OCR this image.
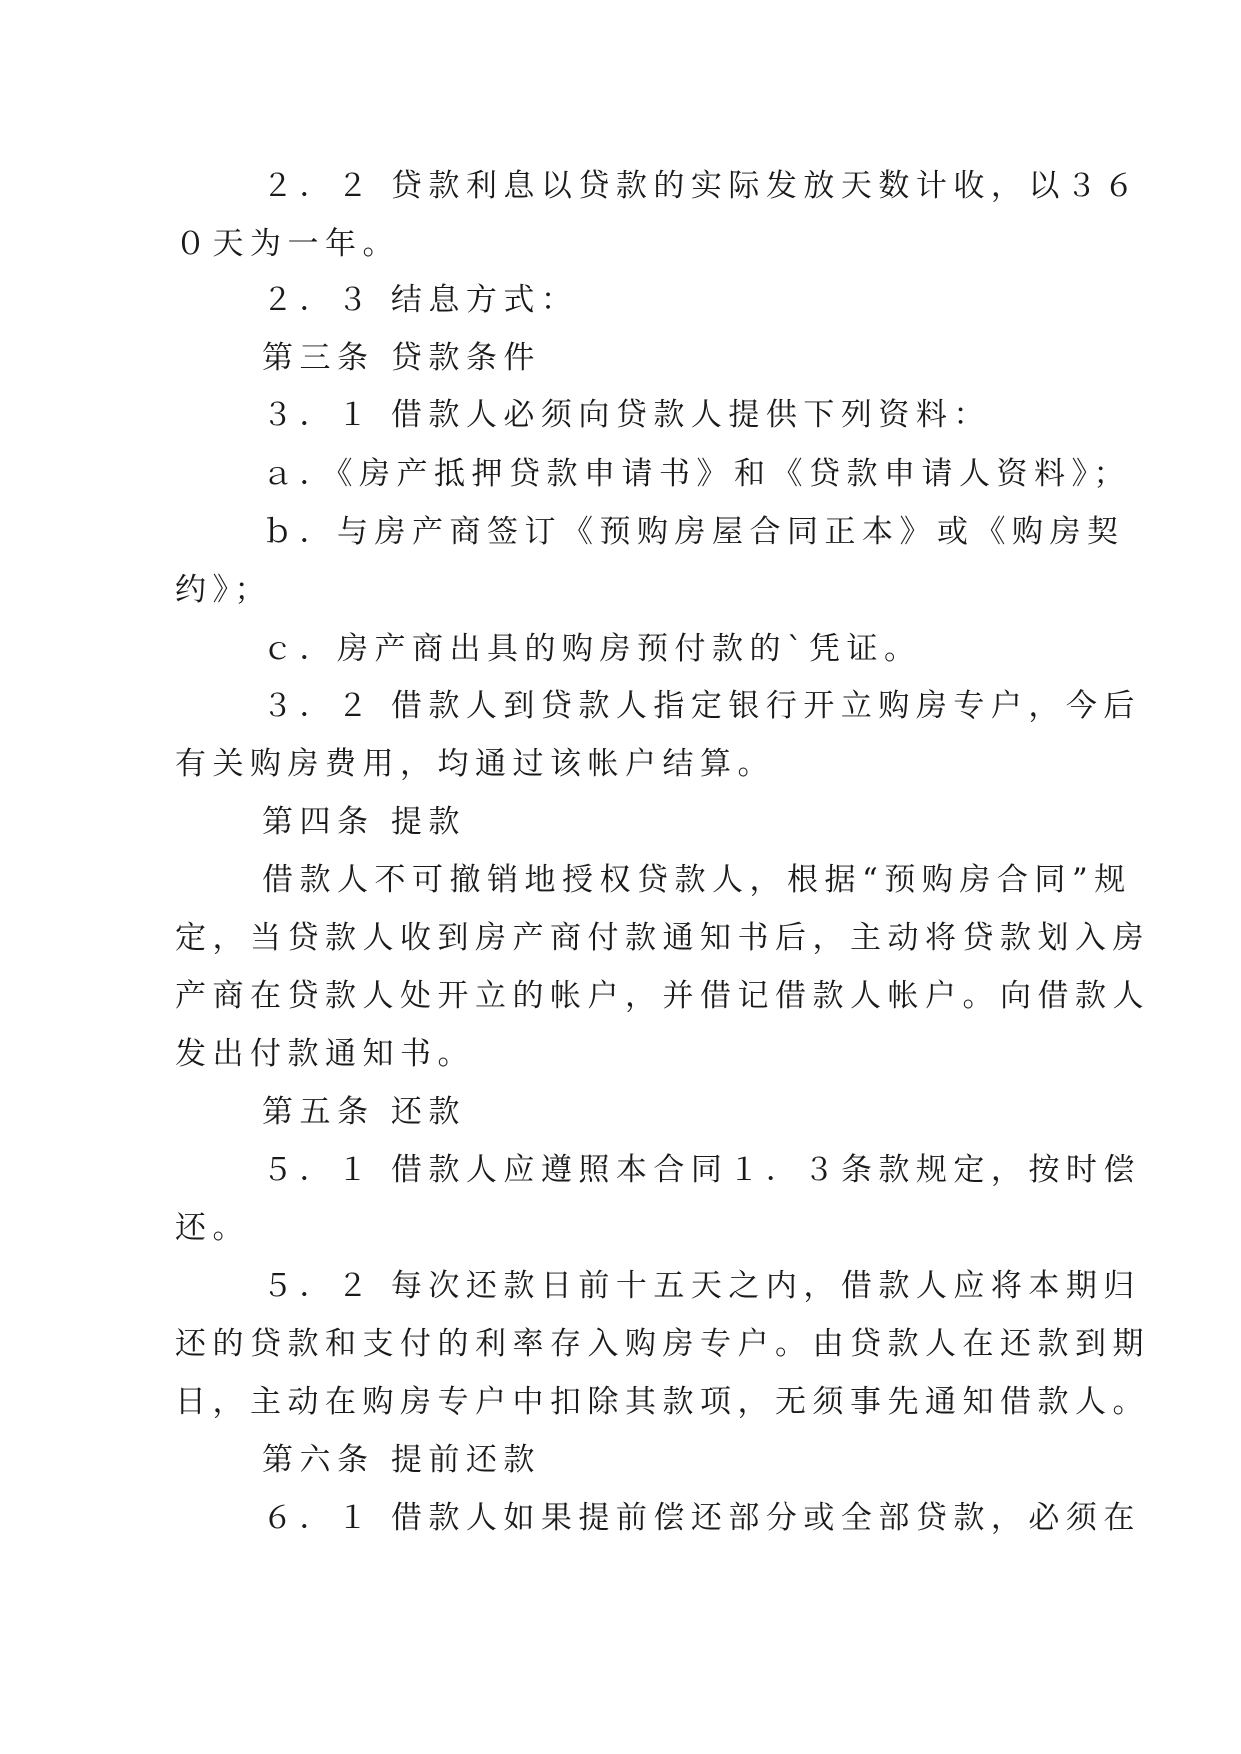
２．２ 贷款利息以贷款的实际发放天数计收，以３６
０天为一年。
２．３ 结息方式：
第三条 贷款条件
３．１ 借款人必须向贷款人提供下列资料：
ａ．《房产抵押贷款申请书》和《贷款申请人资料》；
ｂ．与房产商签订《预购房屋合同正本》或《购房契
约》；
ｃ．房产商出具的购房预付款的`凭证。
３．２ 借款人到贷款人指定银行开立购房专户，今后
有关购房费用，均通过该帐户结算。
第四条 提款
借款人不可撤销地授权贷款人，根据“预购房合同”规
定，当贷款人收到房产商付款通知书后，主动将贷款划入房
产商在贷款人处开立的帐户，并借记借款人帐户。向借款人
发出付款通知书。
第五条 还款
５．１ 借款人应遵照本合同１．３条款规定，按时偿
还。
５．２ 每次还款日前十五天之内，借款人应将本期归
还的贷款和支付的利率存入购房专户。由贷款人在还款到期
日，主动在购房专户中扣除其款项，无须事先通知借款人。
第六条 提前还款
６．１ 借款人如果提前偿还部分或全部贷款，必须在
